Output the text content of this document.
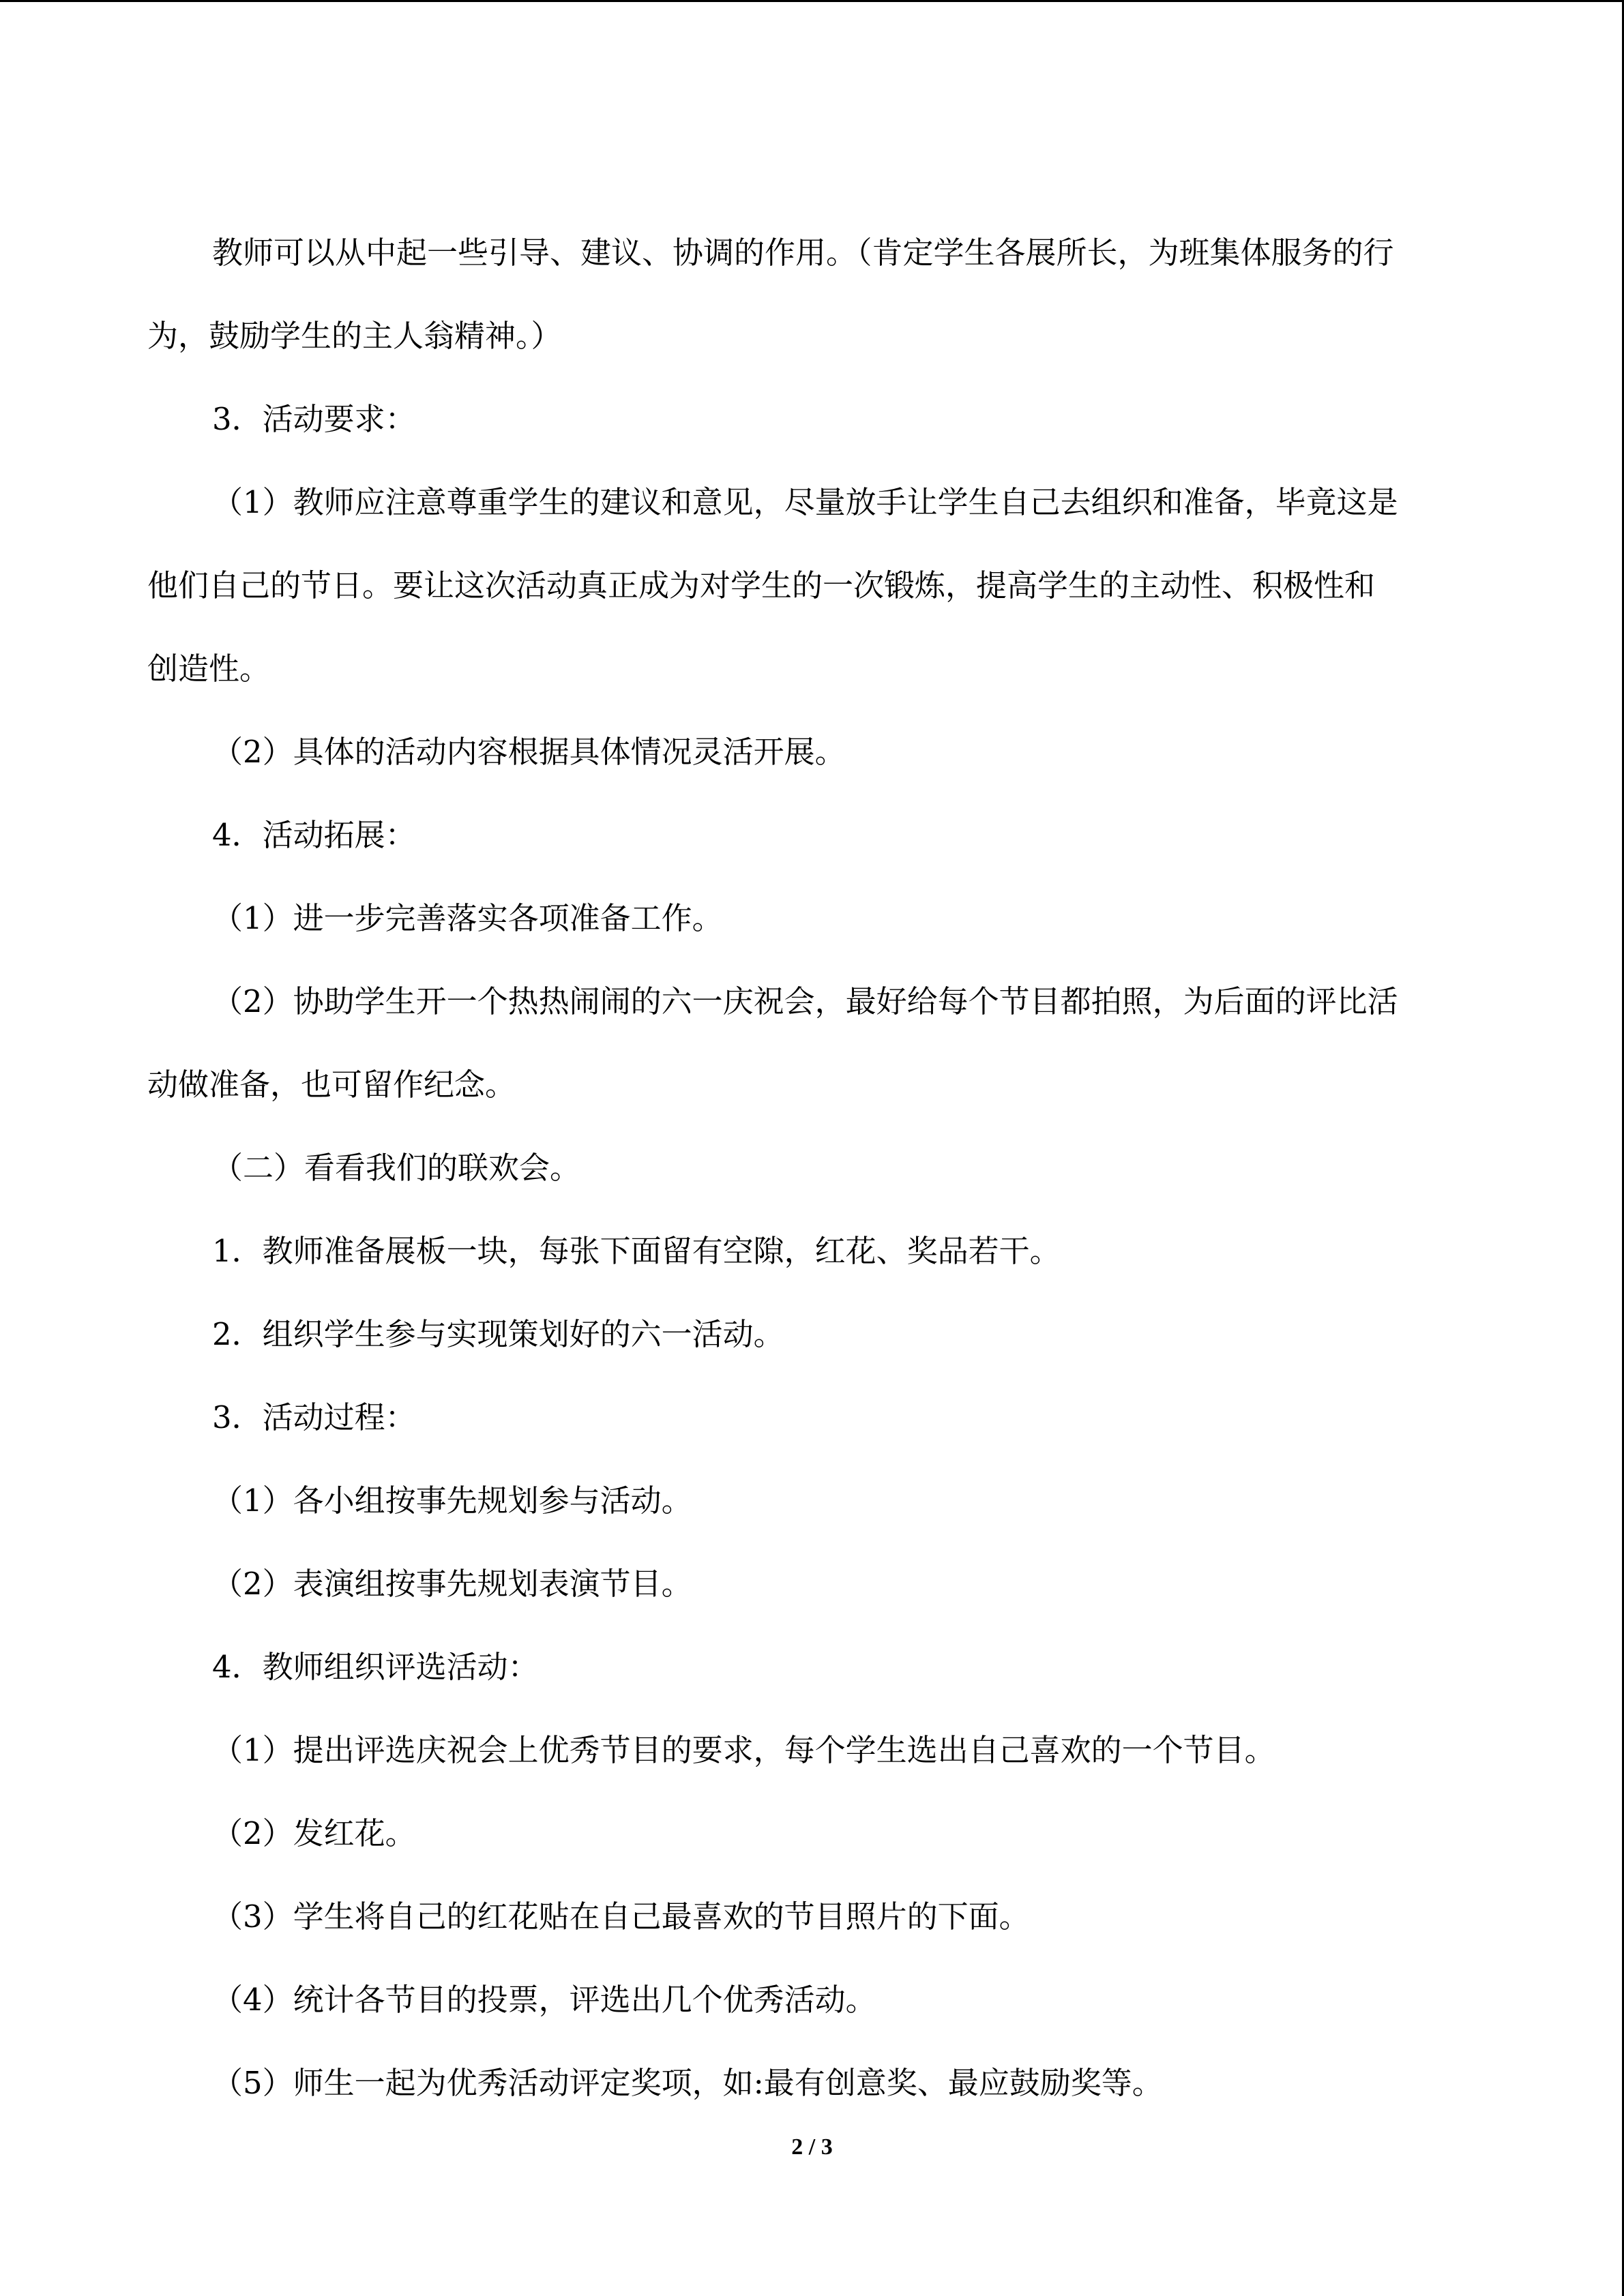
教师可以从中起一些引导、建议、协调的作用。（肯定学生各展所长，为班集体服务的行
为，鼓励学生的主人翁精神。）
3．活动要求：
（1）教师应注意尊重学生的建议和意见，尽量放手让学生自己去组织和准备，毕竟这是
他们自己的节日。要让这次活动真正成为对学生的一次锻炼，提高学生的主动性、积极性和
创造性。
（2）具体的活动内容根据具体情况灵活开展。
4．活动拓展：
（1）进一步完善落实各项准备工作。
（2）协助学生开一个热热闹闹的六一庆祝会，最好给每个节目都拍照，为后面的评比活
动做准备，也可留作纪念。
（二）看看我们的联欢会。
1．教师准备展板一块，每张下面留有空隙，红花、奖品若干。
2．组织学生参与实现策划好的六一活动。
3．活动过程：
（1）各小组按事先规划参与活动。
（2）表演组按事先规划表演节目。
4．教师组织评选活动：
（1）提出评选庆祝会上优秀节目的要求，每个学生选出自己喜欢的一个节目。
（2）发红花。
（3）学生将自己的红花贴在自己最喜欢的节目照片的下面。
（4）统计各节目的投票，评选出几个优秀活动。
（5）师生一起为优秀活动评定奖项，如:最有创意奖、最应鼓励奖等。
2 / 3
